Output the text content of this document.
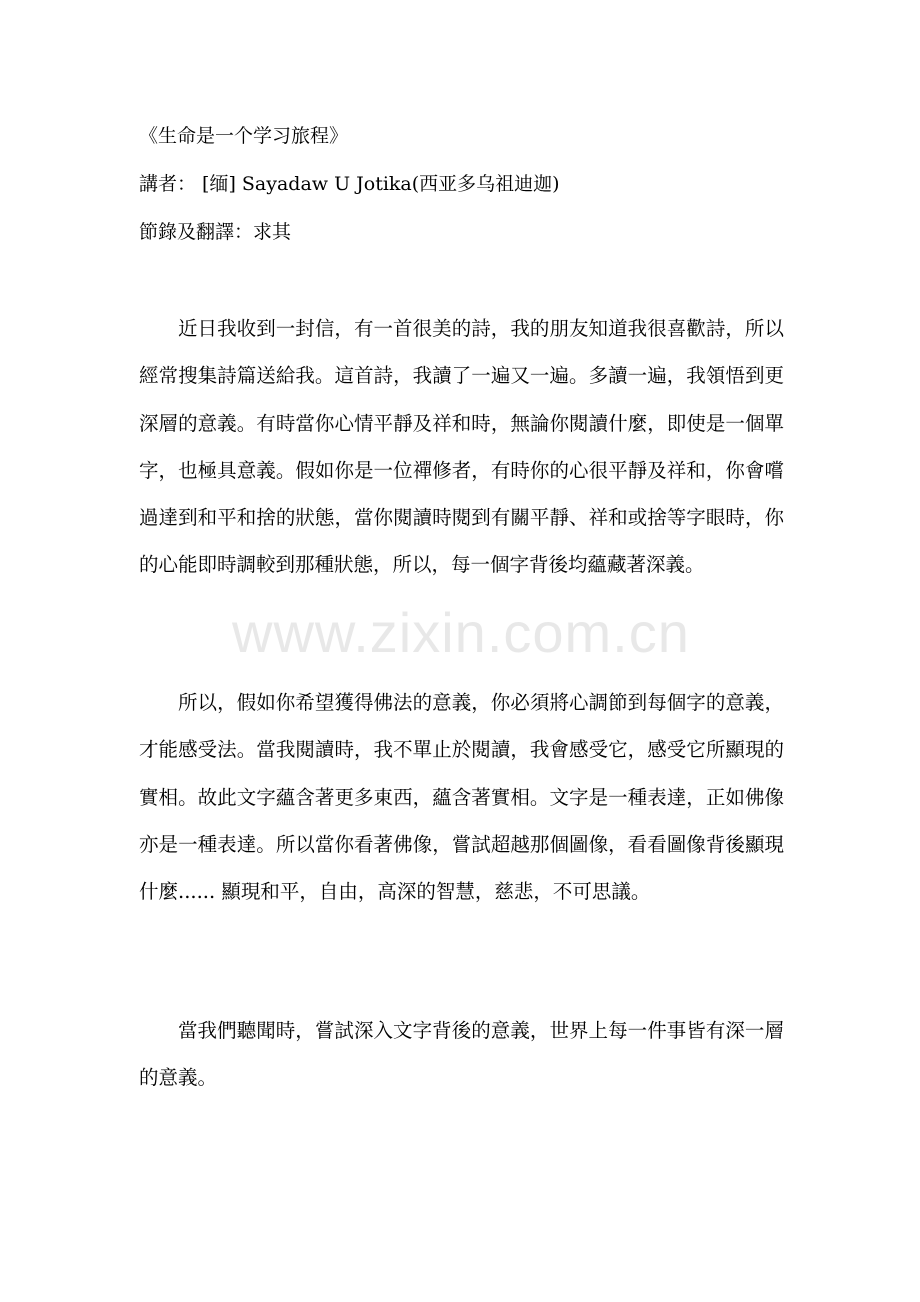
《生命是一个学习旅程》
講者： [缅] Sayadaw U Jotika(西亚多乌祖迪迦)
節錄及翻譯：求其

近日我收到一封信，有一首很美的詩，我的朋友知道我很喜歡詩，所以經常搜集詩篇送給我。這首詩，我讀了一遍又一遍。多讀一遍，我領悟到更深層的意義。有時當你心情平靜及祥和時，無論你閱讀什麼，即使是一個單字，也極具意義。假如你是一位禪修者，有時你的心很平靜及祥和，你會嚐過達到和平和捨的狀態，當你閱讀時閱到有關平靜、祥和或捨等字眼時，你的心能即時調較到那種狀態，所以，每一個字背後均蘊藏著深義。

所以，假如你希望獲得佛法的意義，你必須將心調節到每個字的意義，才能感受法。當我閱讀時，我不單止於閱讀，我會感受它，感受它所顯現的實相。故此文字蘊含著更多東西，蘊含著實相。文字是一種表達，正如佛像亦是一種表達。所以當你看著佛像，嘗試超越那個圖像，看看圖像背後顯現什麼...... 顯現和平，自由，高深的智慧，慈悲，不可思議。

當我們聽聞時，嘗試深入文字背後的意義，世界上每一件事皆有深一層的意義。

www.zixin.com.cn
